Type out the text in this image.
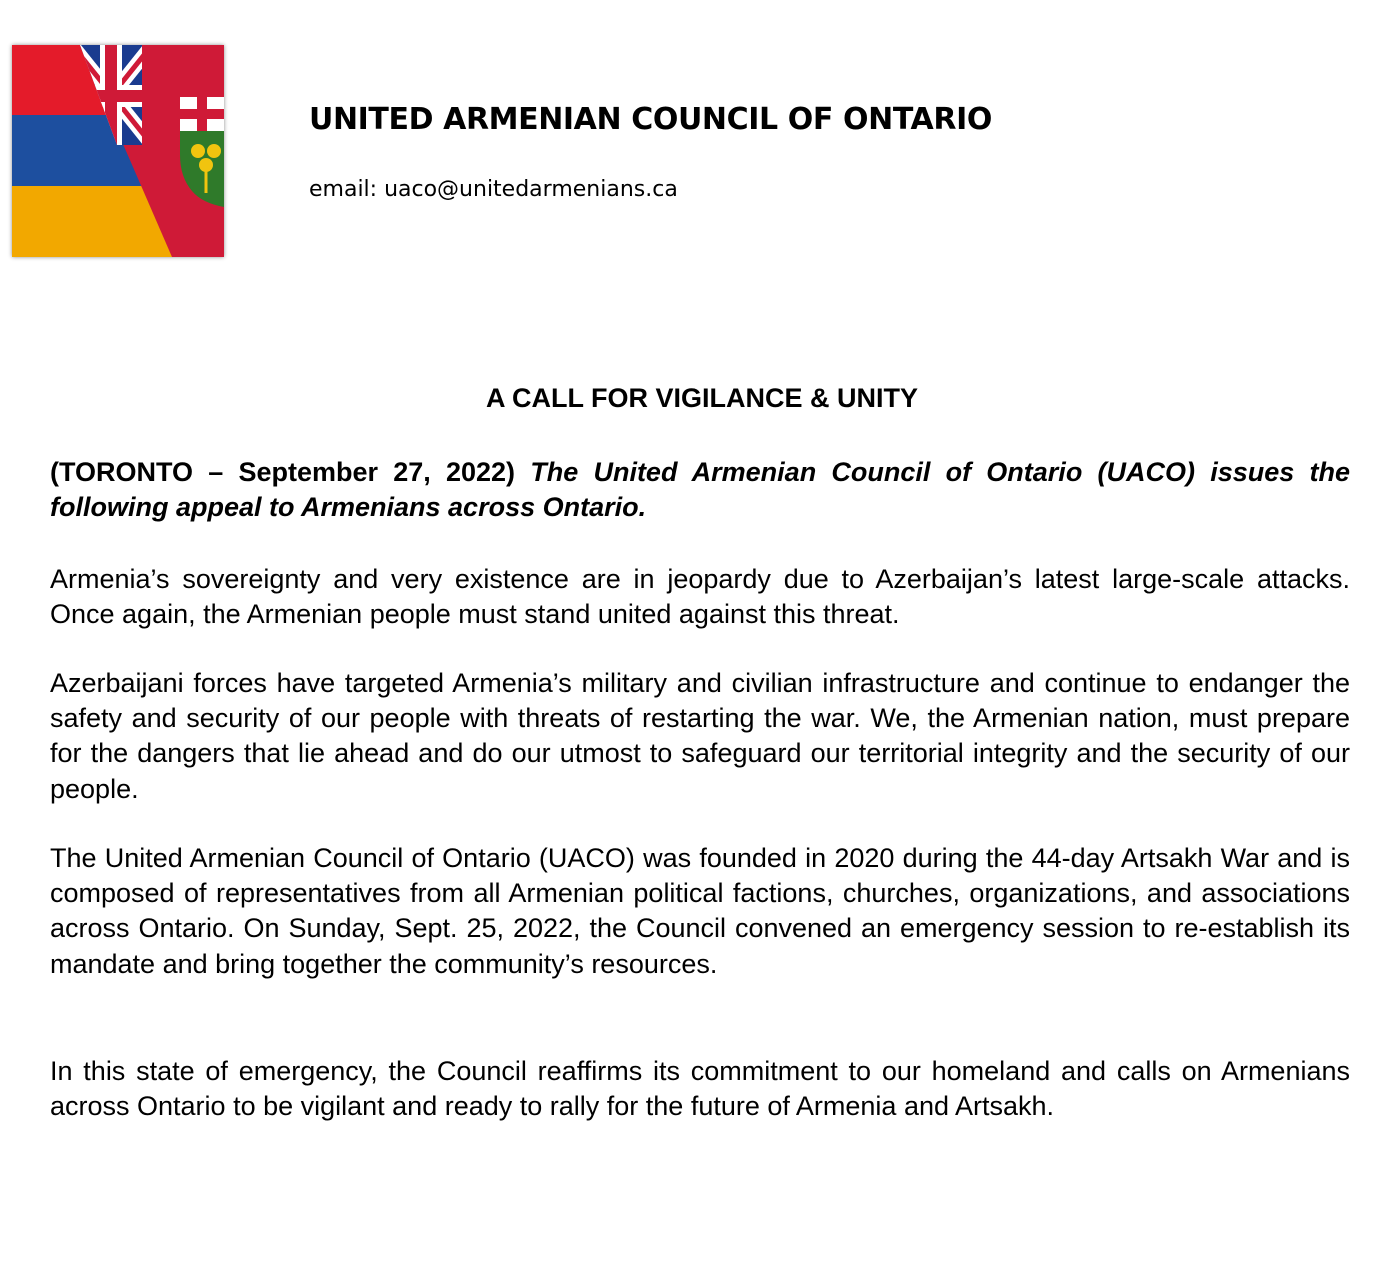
UNITED ARMENIAN COUNCIL OF ONTARIO
email: uaco@unitedarmenians.ca
A CALL FOR VIGILANCE & UNITY

(TORONTO – September 27, 2022) The United Armenian Council of Ontario (UACO) issues the following appeal to Armenians across Ontario.

Armenia’s sovereignty and very existence are in jeopardy due to Azerbaijan’s latest large-scale attacks. Once again, the Armenian people must stand united against this threat.

Azerbaijani forces have targeted Armenia’s military and civilian infrastructure and continue to endanger the safety and security of our people with threats of restarting the war. We, the Armenian nation, must prepare for the dangers that lie ahead and do our utmost to safeguard our territorial integrity and the security of our people.

The United Armenian Council of Ontario (UACO) was founded in 2020 during the 44-day Artsakh War and is composed of representatives from all Armenian political factions, churches, organizations, and associations across Ontario. On Sunday, Sept. 25, 2022, the Council convened an emergency session to re-establish its mandate and bring together the community’s resources.

In this state of emergency, the Council reaffirms its commitment to our homeland and calls on Armenians across Ontario to be vigilant and ready to rally for the future of Armenia and Artsakh.
